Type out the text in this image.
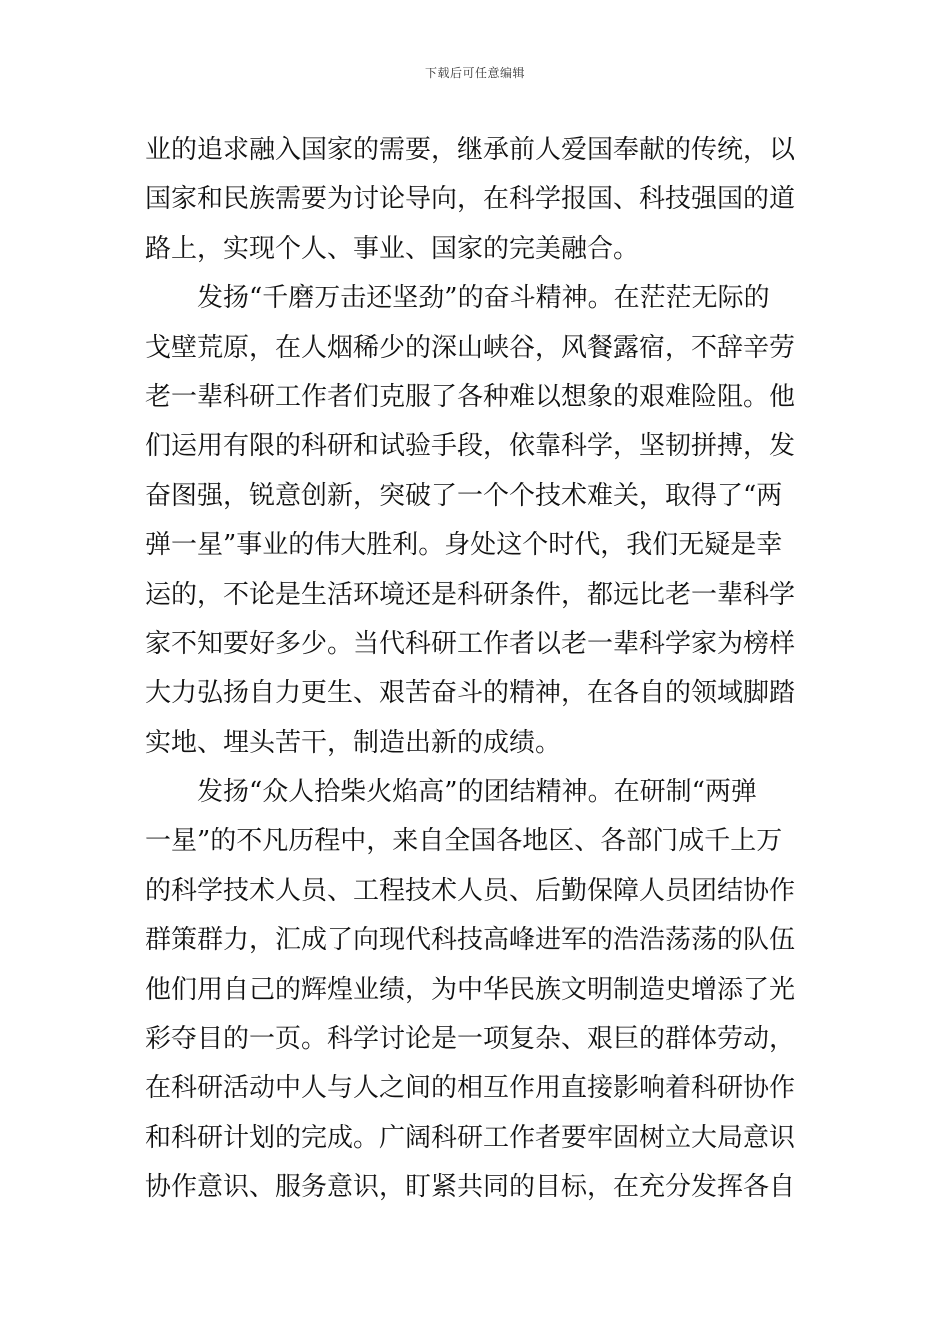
下载后可任意编辑
业的追求融入国家的需要，继承前人爱国奉献的传统，以
国家和民族需要为讨论导向，在科学报国、科技强国的道
路上，实现个人、事业、国家的完美融合。
发扬“千磨万击还坚劲”的奋斗精神。在茫茫无际的
戈壁荒原，在人烟稀少的深山峡谷，风餐露宿，不辞辛劳
老一辈科研工作者们克服了各种难以想象的艰难险阻。他
们运用有限的科研和试验手段，依靠科学，坚韧拼搏，发
奋图强，锐意创新，突破了一个个技术难关，取得了“两
弹一星”事业的伟大胜利。身处这个时代，我们无疑是幸
运的，不论是生活环境还是科研条件，都远比老一辈科学
家不知要好多少。当代科研工作者以老一辈科学家为榜样
大力弘扬自力更生、艰苦奋斗的精神，在各自的领域脚踏
实地、埋头苦干，制造出新的成绩。
发扬“众人拾柴火焰高”的团结精神。在研制“两弹
一星”的不凡历程中，来自全国各地区、各部门成千上万
的科学技术人员、工程技术人员、后勤保障人员团结协作
群策群力，汇成了向现代科技高峰进军的浩浩荡荡的队伍
他们用自己的辉煌业绩，为中华民族文明制造史增添了光
彩夺目的一页。科学讨论是一项复杂、艰巨的群体劳动，
在科研活动中人与人之间的相互作用直接影响着科研协作
和科研计划的完成。广阔科研工作者要牢固树立大局意识
协作意识、服务意识，盯紧共同的目标，在充分发挥各自
